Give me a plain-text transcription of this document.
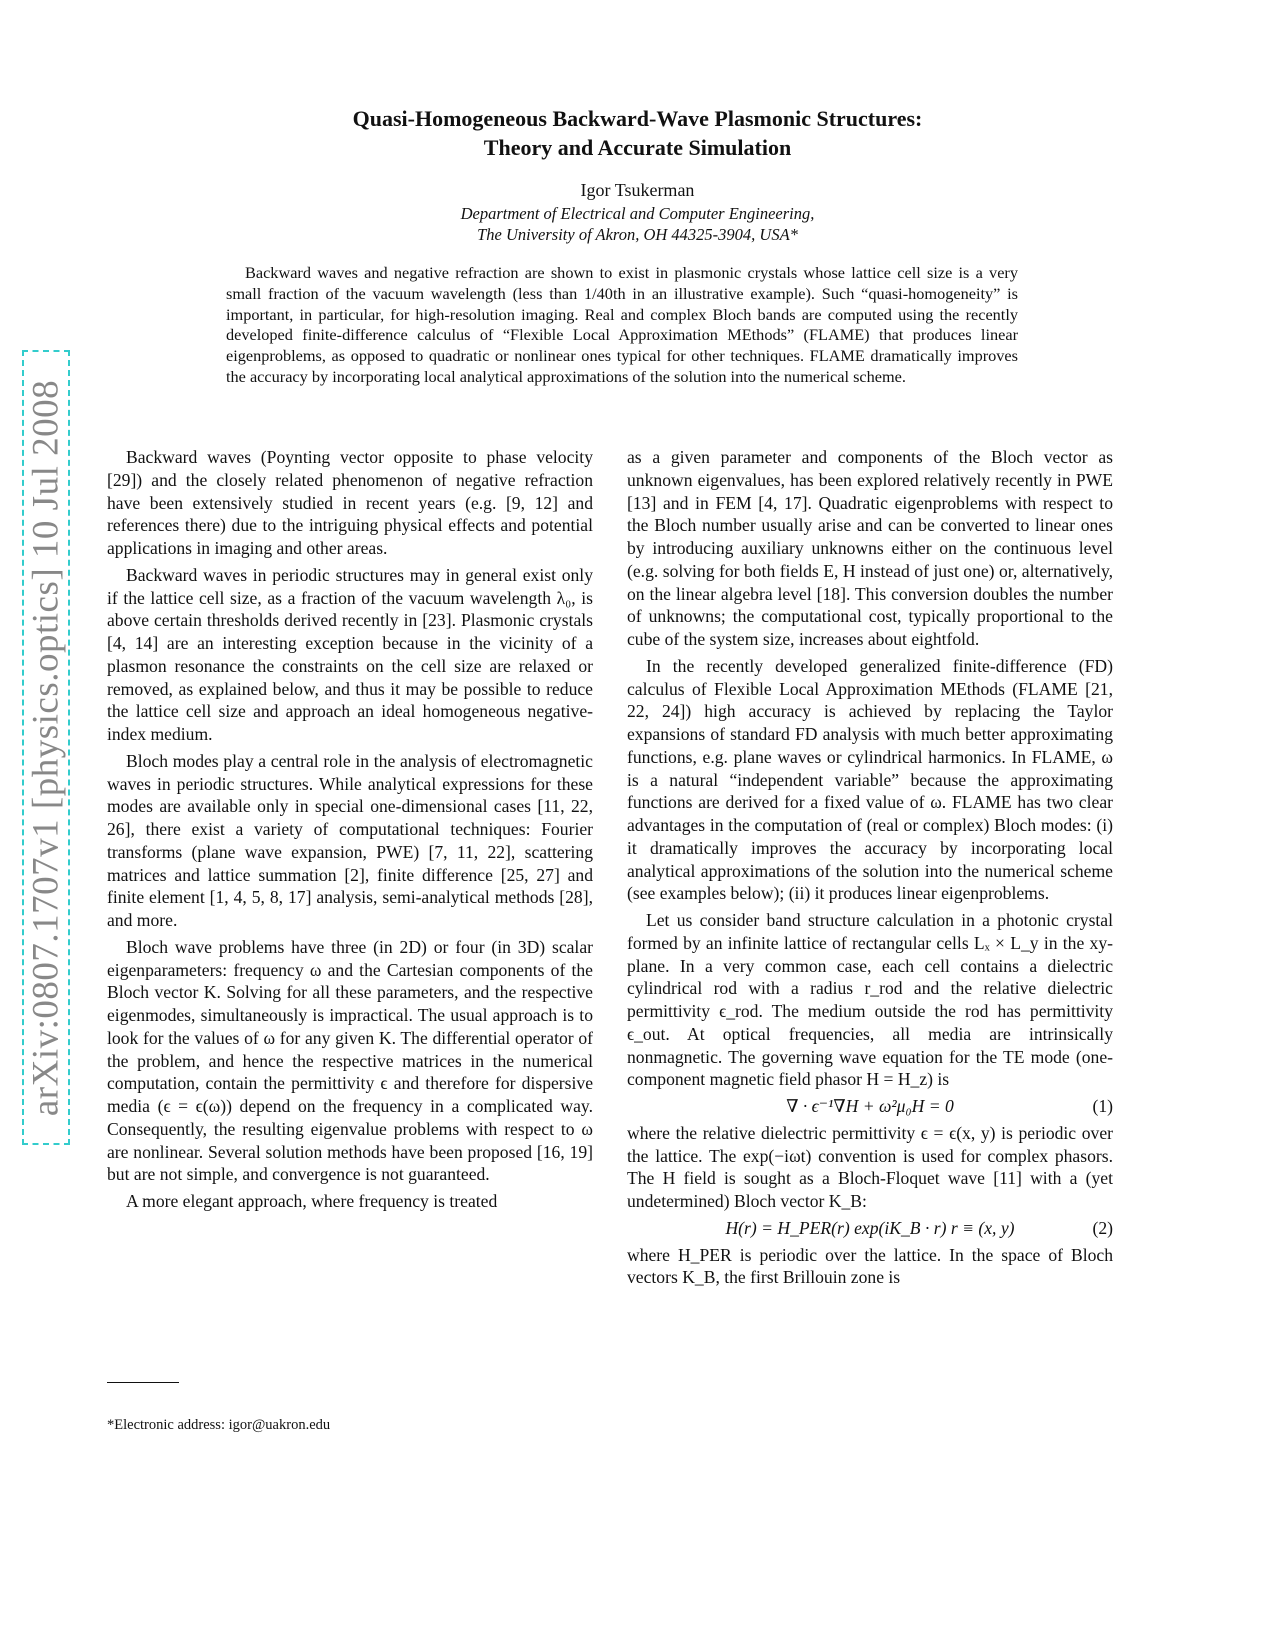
arXiv:0807.1707v1 [physics.optics] 10 Jul 2008
Quasi-Homogeneous Backward-Wave Plasmonic Structures:
Theory and Accurate Simulation
Igor Tsukerman
Department of Electrical and Computer Engineering,
The University of Akron, OH 44325-3904, USA*

Backward waves and negative refraction are shown to exist in plasmonic crystals whose lattice cell size is a very small fraction of the vacuum wavelength (less than 1/40th in an illustrative example). Such “quasi-homogeneity” is important, in particular, for high-resolution imaging. Real and complex Bloch bands are computed using the recently developed finite-difference calculus of “Flexible Local Approximation MEthods” (FLAME) that produces linear eigenproblems, as opposed to quadratic or nonlinear ones typical for other techniques. FLAME dramatically improves the accuracy by incorporating local analytical approximations of the solution into the numerical scheme.

Backward waves (Poynting vector opposite to phase velocity [29]) and the closely related phenomenon of negative refraction have been extensively studied in recent years (e.g. [9, 12] and references there) due to the intriguing physical effects and potential applications in imaging and other areas.

Backward waves in periodic structures may in general exist only if the lattice cell size, as a fraction of the vacuum wavelength λ₀, is above certain thresholds derived recently in [23]. Plasmonic crystals [4, 14] are an interesting exception because in the vicinity of a plasmon resonance the constraints on the cell size are relaxed or removed, as explained below, and thus it may be possible to reduce the lattice cell size and approach an ideal homogeneous negative-index medium.

Bloch modes play a central role in the analysis of electromagnetic waves in periodic structures. While analytical expressions for these modes are available only in special one-dimensional cases [11, 22, 26], there exist a variety of computational techniques: Fourier transforms (plane wave expansion, PWE) [7, 11, 22], scattering matrices and lattice summation [2], finite difference [25, 27] and finite element [1, 4, 5, 8, 17] analysis, semi-analytical methods [28], and more.

Bloch wave problems have three (in 2D) or four (in 3D) scalar eigenparameters: frequency ω and the Cartesian components of the Bloch vector K. Solving for all these parameters, and the respective eigenmodes, simultaneously is impractical. The usual approach is to look for the values of ω for any given K. The differential operator of the problem, and hence the respective matrices in the numerical computation, contain the permittivity ϵ and therefore for dispersive media (ϵ = ϵ(ω)) depend on the frequency in a complicated way. Consequently, the resulting eigenvalue problems with respect to ω are nonlinear. Several solution methods have been proposed [16, 19] but are not simple, and convergence is not guaranteed.

A more elegant approach, where frequency is treated

as a given parameter and components of the Bloch vector as unknown eigenvalues, has been explored relatively recently in PWE [13] and in FEM [4, 17]. Quadratic eigenproblems with respect to the Bloch number usually arise and can be converted to linear ones by introducing auxiliary unknowns either on the continuous level (e.g. solving for both fields E, H instead of just one) or, alternatively, on the linear algebra level [18]. This conversion doubles the number of unknowns; the computational cost, typically proportional to the cube of the system size, increases about eightfold.

In the recently developed generalized finite-difference (FD) calculus of Flexible Local Approximation MEthods (FLAME [21, 22, 24]) high accuracy is achieved by replacing the Taylor expansions of standard FD analysis with much better approximating functions, e.g. plane waves or cylindrical harmonics. In FLAME, ω is a natural “independent variable” because the approximating functions are derived for a fixed value of ω. FLAME has two clear advantages in the computation of (real or complex) Bloch modes: (i) it dramatically improves the accuracy by incorporating local analytical approximations of the solution into the numerical scheme (see examples below); (ii) it produces linear eigenproblems.

Let us consider band structure calculation in a photonic crystal formed by an infinite lattice of rectangular cells Lₓ × L_y in the xy-plane. In a very common case, each cell contains a dielectric cylindrical rod with a radius r_rod and the relative dielectric permittivity ϵ_rod. The medium outside the rod has permittivity ϵ_out. At optical frequencies, all media are intrinsically nonmagnetic. The governing wave equation for the TE mode (one-component magnetic field phasor H = H_z) is

∇ · ϵ⁻¹∇H + ω²μ₀H = 0	(1)

where the relative dielectric permittivity ϵ = ϵ(x, y) is periodic over the lattice. The exp(−iωt) convention is used for complex phasors. The H field is sought as a Bloch-Floquet wave [11] with a (yet undetermined) Bloch vector K_B:

H(r) = H_PER(r) exp(iK_B · r) r ≡ (x, y)	(2)

where H_PER is periodic over the lattice. In the space of Bloch vectors K_B, the first Brillouin zone is

*Electronic address: igor@uakron.edu
